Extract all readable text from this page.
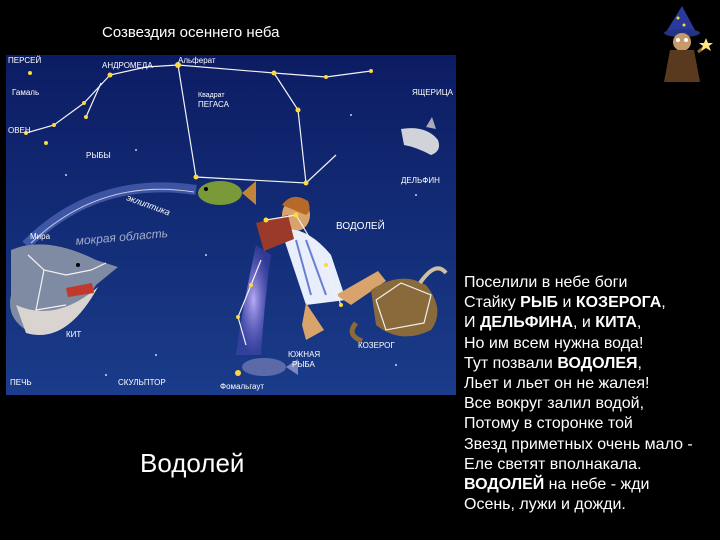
Созвездия осеннего неба
ПЕРСЕЙ
АНДРОМЕДА
Альферат
Гамаль	Квадрат
ПЕГАСА
ЯЩЕРИЦА
ОВЕН
РЫБЫ
эклиптика
ДЕЛЬФИН
ВОДОЛЕЙ
Мира мокрая область
КИТ
КОЗЕРОГ
ЮЖНАЯ
РЫБА
ПЕЧЬ	СКУЛЬПТОР	Фомальгаут
Водолей
Поселили в небе боги
Стайку РЫБ и КОЗЕРОГА,
И ДЕЛЬФИНА, и КИТА,
Но им всем нужна вода!
Тут позвали ВОДОЛЕЯ,
Льет и льет он не жалея!
Все вокруг залил водой,
Потому в сторонке той
Звезд приметных очень мало -
Еле светят вполнакала.
ВОДОЛЕЙ на небе - жди
Осень, лужи и дожди.
